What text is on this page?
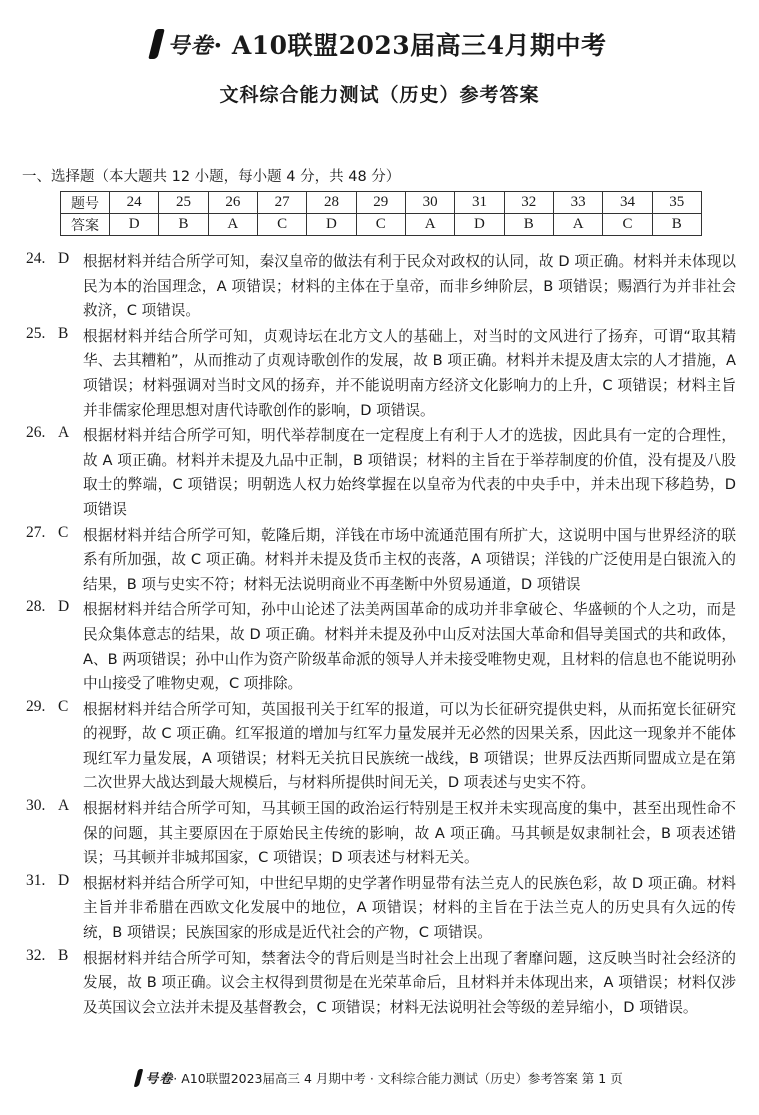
号卷 · A10联盟2023届高三4月期中考
文科综合能力测试（历史）参考答案
一、选择题（本大题共 12 小题，每小题 4 分，共 48 分）
题号	24	25	26	27	28	29	30	31	32	33	34	35
答案	D	B	A	C	D	C	A	D	B	A	C	B
24. D 根据材料并结合所学可知，秦汉皇帝的做法有利于民众对政权的认同，故 D 项正确。材料并未体现以民为本的治国理念，A 项错误；材料的主体在于皇帝，而非乡绅阶层，B 项错误；赐酒行为并非社会救济，C 项错误。
25. B 根据材料并结合所学可知，贞观诗坛在北方文人的基础上，对当时的文风进行了扬弃，可谓“取其精华、去其糟粕”，从而推动了贞观诗歌创作的发展，故 B 项正确。材料并未提及唐太宗的人才措施，A 项错误；材料强调对当时文风的扬弃，并不能说明南方经济文化影响力的上升，C 项错误；材料主旨并非儒家伦理思想对唐代诗歌创作的影响，D 项错误。
26. A 根据材料并结合所学可知，明代举荐制度在一定程度上有利于人才的选拔，因此具有一定的合理性，故 A 项正确。材料并未提及九品中正制，B 项错误；材料的主旨在于举荐制度的价值，没有提及八股取士的弊端，C 项错误；明朝选人权力始终掌握在以皇帝为代表的中央手中，并未出现下移趋势，D 项错误
27. C 根据材料并结合所学可知，乾隆后期，洋钱在市场中流通范围有所扩大，这说明中国与世界经济的联系有所加强，故 C 项正确。材料并未提及货币主权的丧落，A 项错误；洋钱的广泛使用是白银流入的结果，B 项与史实不符；材料无法说明商业不再垄断中外贸易通道，D 项错误
28. D 根据材料并结合所学可知，孙中山论述了法美两国革命的成功并非拿破仑、华盛顿的个人之功，而是民众集体意志的结果，故 D 项正确。材料并未提及孙中山反对法国大革命和倡导美国式的共和政体，A、B 两项错误；孙中山作为资产阶级革命派的领导人并未接受唯物史观，且材料的信息也不能说明孙中山接受了唯物史观，C 项排除。
29. C 根据材料并结合所学可知，英国报刊关于红军的报道，可以为长征研究提供史料，从而拓宽长征研究的视野，故 C 项正确。红军报道的增加与红军力量发展并无必然的因果关系，因此这一现象并不能体现红军力量发展，A 项错误；材料无关抗日民族统一战线，B 项错误；世界反法西斯同盟成立是在第二次世界大战达到最大规模后，与材料所提供时间无关，D 项表述与史实不符。
30. A 根据材料并结合所学可知，马其顿王国的政治运行特别是王权并未实现高度的集中，甚至出现性命不保的问题，其主要原因在于原始民主传统的影响，故 A 项正确。马其顿是奴隶制社会，B 项表述错误；马其顿并非城邦国家，C 项错误；D 项表述与材料无关。
31. D 根据材料并结合所学可知，中世纪早期的史学著作明显带有法兰克人的民族色彩，故 D 项正确。材料主旨并非希腊在西欧文化发展中的地位，A 项错误；材料的主旨在于法兰克人的历史具有久远的传统，B 项错误；民族国家的形成是近代社会的产物，C 项错误。
32. B 根据材料并结合所学可知，禁奢法令的背后则是当时社会上出现了奢靡问题，这反映当时社会经济的发展，故 B 项正确。议会主权得到贯彻是在光荣革命后，且材料并未体现出来，A 项错误；材料仅涉及英国议会立法并未提及基督教会，C 项错误；材料无法说明社会等级的差异缩小，D 项错误。
号卷 · A10联盟2023届高三 4 月期中考 · 文科综合能力测试（历史）参考答案 第 1 页
